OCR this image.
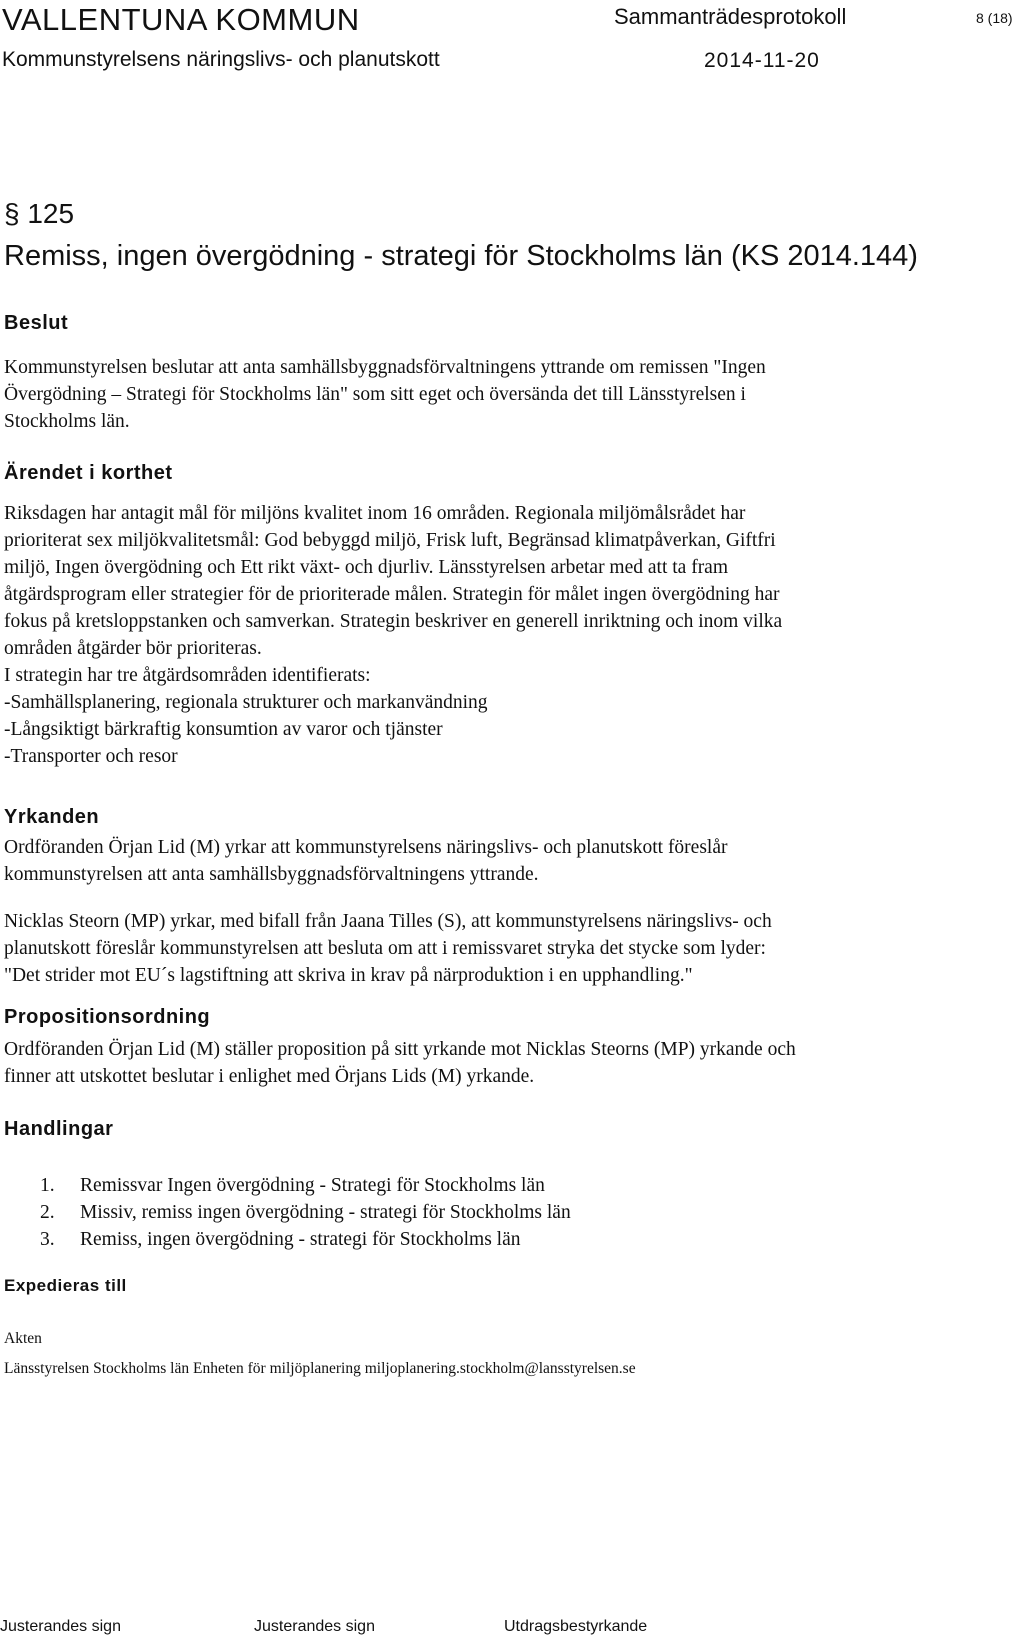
VALLENTUNA KOMMUN	Sammanträdesprotokoll	8 (18)
Kommunstyrelsens näringslivs- och planutskott	2014-11-20
§ 125
Remiss, ingen övergödning - strategi för Stockholms län (KS 2014.144)
Beslut
Kommunstyrelsen beslutar att anta samhällsbyggnadsförvaltningens yttrande om remissen "Ingen
Övergödning – Strategi för Stockholms län" som sitt eget och översända det till Länsstyrelsen i
Stockholms län.
Ärendet i korthet
Riksdagen har antagit mål för miljöns kvalitet inom 16 områden. Regionala miljömålsrådet har
prioriterat sex miljökvalitetsmål: God bebyggd miljö, Frisk luft, Begränsad klimatpåverkan, Giftfri
miljö, Ingen övergödning och Ett rikt växt- och djurliv. Länsstyrelsen arbetar med att ta fram
åtgärdsprogram eller strategier för de prioriterade målen. Strategin för målet ingen övergödning har
fokus på kretsloppstanken och samverkan. Strategin beskriver en generell inriktning och inom vilka
områden åtgärder bör prioriteras.
I strategin har tre åtgärdsområden identifierats:
-Samhällsplanering, regionala strukturer och markanvändning
-Långsiktigt bärkraftig konsumtion av varor och tjänster
-Transporter och resor
Yrkanden
Ordföranden Örjan Lid (M) yrkar att kommunstyrelsens näringslivs- och planutskott föreslår
kommunstyrelsen att anta samhällsbyggnadsförvaltningens yttrande.
Nicklas Steorn (MP) yrkar, med bifall från Jaana Tilles (S), att kommunstyrelsens näringslivs- och
planutskott föreslår kommunstyrelsen att besluta om att i remissvaret stryka det stycke som lyder:
"Det strider mot EU´s lagstiftning att skriva in krav på närproduktion i en upphandling."
Propositionsordning
Ordföranden Örjan Lid (M) ställer proposition på sitt yrkande mot Nicklas Steorns (MP) yrkande och
finner att utskottet beslutar i enlighet med Örjans Lids (M) yrkande.
Handlingar
1.	Remissvar Ingen övergödning - Strategi för Stockholms län
2.	Missiv, remiss ingen övergödning - strategi för Stockholms län
3.	Remiss, ingen övergödning - strategi för Stockholms län
Expedieras till
Akten
Länsstyrelsen Stockholms län Enheten för miljöplanering miljoplanering.stockholm@lansstyrelsen.se
Justerandes sign	Justerandes sign	Utdragsbestyrkande
